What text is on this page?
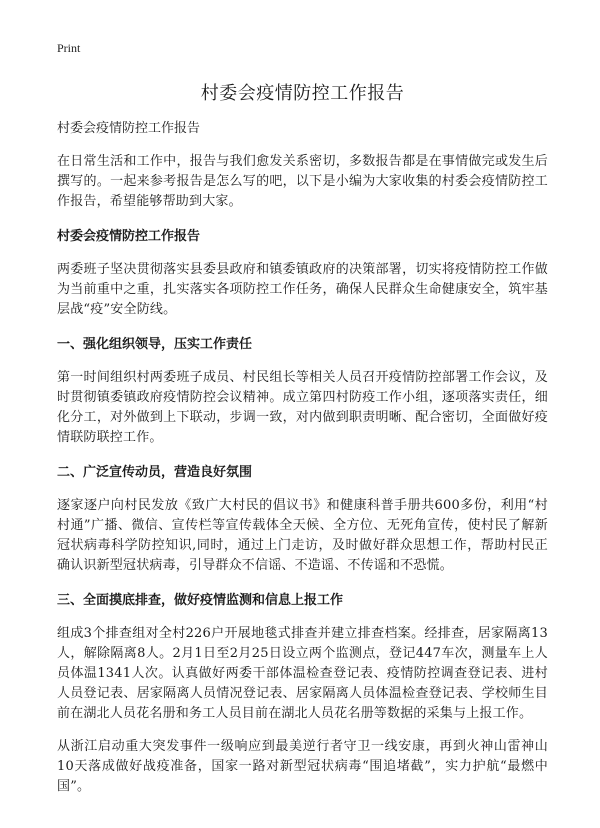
Print
村委会疫情防控工作报告
村委会疫情防控工作报告

在日常生活和工作中，报告与我们愈发关系密切，多数报告都是在事情做完或发生后撰写的。一起来参考报告是怎么写的吧，以下是小编为大家收集的村委会疫情防控工作报告，希望能够帮助到大家。

村委会疫情防控工作报告

两委班子坚决贯彻落实县委县政府和镇委镇政府的决策部署，切实将疫情防控工作做为当前重中之重，扎实落实各项防控工作任务，确保人民群众生命健康安全，筑牢基层战“疫”安全防线。

一、强化组织领导，压实工作责任

第一时间组织村两委班子成员、村民组长等相关人员召开疫情防控部署工作会议，及时贯彻镇委镇政府疫情防控会议精神。成立第四村防疫工作小组，逐项落实责任，细化分工，对外做到上下联动，步调一致，对内做到职责明晰、配合密切，全面做好疫情联防联控工作。

二、广泛宣传动员，营造良好氛围

逐家逐户向村民发放《致广大村民的倡议书》和健康科普手册共600多份，利用“村村通”广播、微信、宣传栏等宣传载体全天候、全方位、无死角宣传，使村民了解新冠状病毒科学防控知识,同时，通过上门走访，及时做好群众思想工作，帮助村民正确认识新型冠状病毒，引导群众不信谣、不造谣、不传谣和不恐慌。

三、全面摸底排查，做好疫情监测和信息上报工作

组成3个排查组对全村226户开展地毯式排查并建立排查档案。经排查，居家隔离13人，解除隔离8人。2月1日至2月25日设立两个监测点，登记447车次，测量车上人员体温1341人次。认真做好两委干部体温检查登记表、疫情防控调查登记表、进村人员登记表、居家隔离人员情况登记表、居家隔离人员体温检查登记表、学校师生目前在湖北人员花名册和务工人员目前在湖北人员花名册等数据的采集与上报工作。

从浙江启动重大突发事件一级响应到最美逆行者守卫一线安康，再到火神山雷神山10天落成做好战疫准备，国家一路对新型冠状病毒“围追堵截”，实力护航“最燃中国”。
